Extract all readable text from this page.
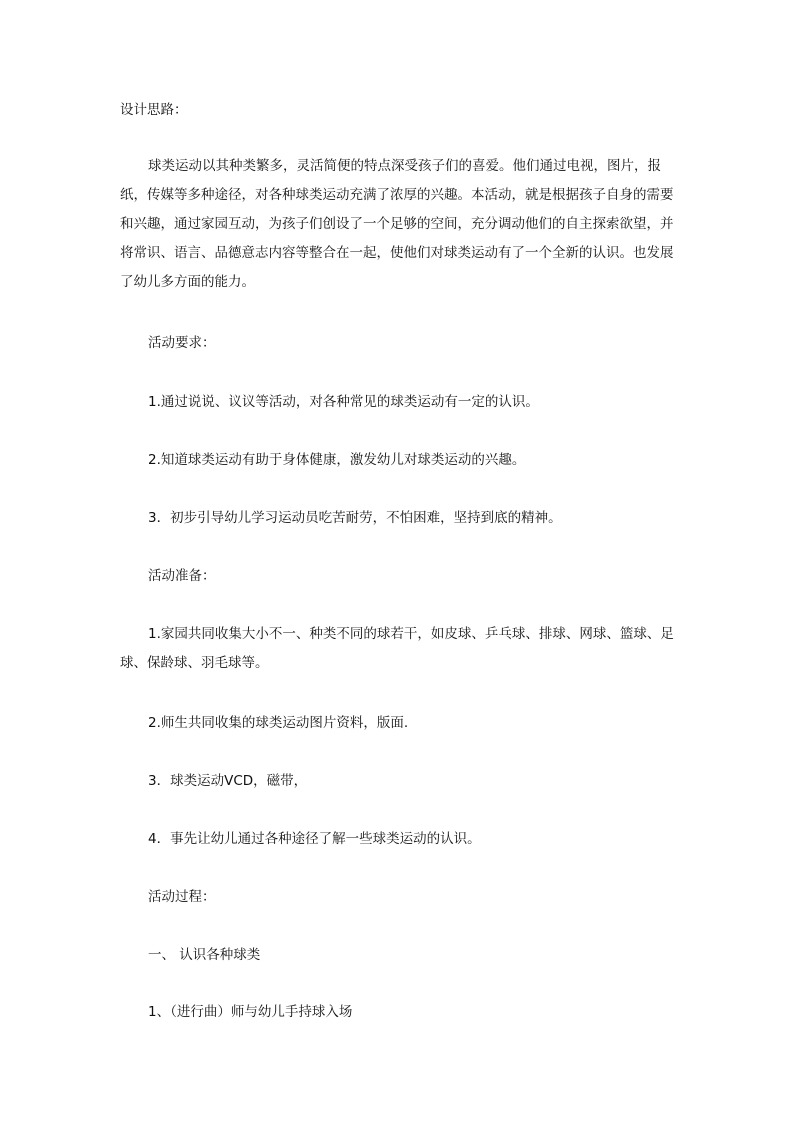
设计思路：

球类运动以其种类繁多，灵活简便的特点深受孩子们的喜爱。他们通过电视，图片，报纸，传媒等多种途径，对各种球类运动充满了浓厚的兴趣。本活动，就是根据孩子自身的需要和兴趣，通过家园互动，为孩子们创设了一个足够的空间，充分调动他们的自主探索欲望，并将常识、语言、品德意志内容等整合在一起，使他们对球类运动有了一个全新的认识。也发展了幼儿多方面的能力。

活动要求：

1.通过说说、议议等活动，对各种常见的球类运动有一定的认识。

2.知道球类运动有助于身体健康，激发幼儿对球类运动的兴趣。

3．初步引导幼儿学习运动员吃苦耐劳，不怕困难，坚持到底的精神。

活动准备：

1.家园共同收集大小不一、种类不同的球若干，如皮球、乒乓球、排球、网球、篮球、足球、保龄球、羽毛球等。

2.师生共同收集的球类运动图片资料，版面.

3．球类运动VCD，磁带，

4．事先让幼儿通过各种途径了解一些球类运动的认识。

活动过程：

一、 认识各种球类

1、（进行曲）师与幼儿手持球入场
